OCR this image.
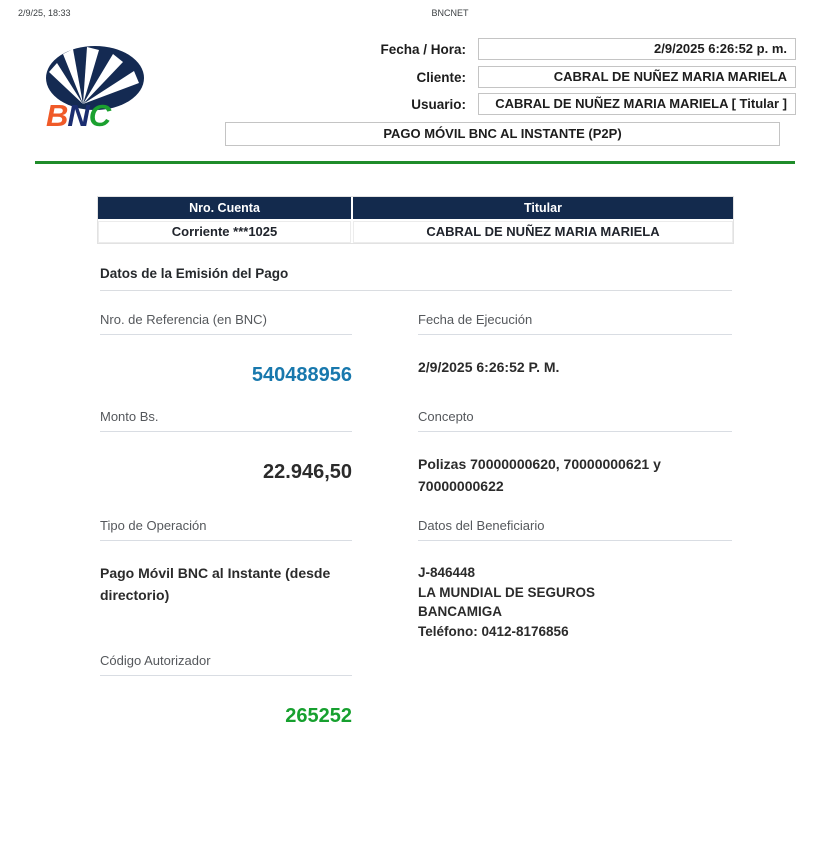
2/9/25, 18:33	BNCNET
BNC
Fecha / Hora:	2/9/2025 6:26:52 p. m.
Cliente:	CABRAL DE NUÑEZ MARIA MARIELA
Usuario:	CABRAL DE NUÑEZ MARIA MARIELA [ Titular ]
PAGO MÓVIL BNC AL INSTANTE (P2P)
Nro. Cuenta	Titular
Corriente ***1025	CABRAL DE NUÑEZ MARIA MARIELA
Datos de la Emisión del Pago
Nro. de Referencia (en BNC)
540488956
Fecha de Ejecución
2/9/2025 6:26:52 P. M.
Monto Bs.
22.946,50
Concepto
Polizas 70000000620, 70000000621 y 70000000622
Tipo de Operación
Pago Móvil BNC al Instante (desde directorio)
Datos del Beneficiario
J-846448
LA MUNDIAL DE SEGUROS
BANCAMIGA
Teléfono: 0412-8176856
Código Autorizador
265252
